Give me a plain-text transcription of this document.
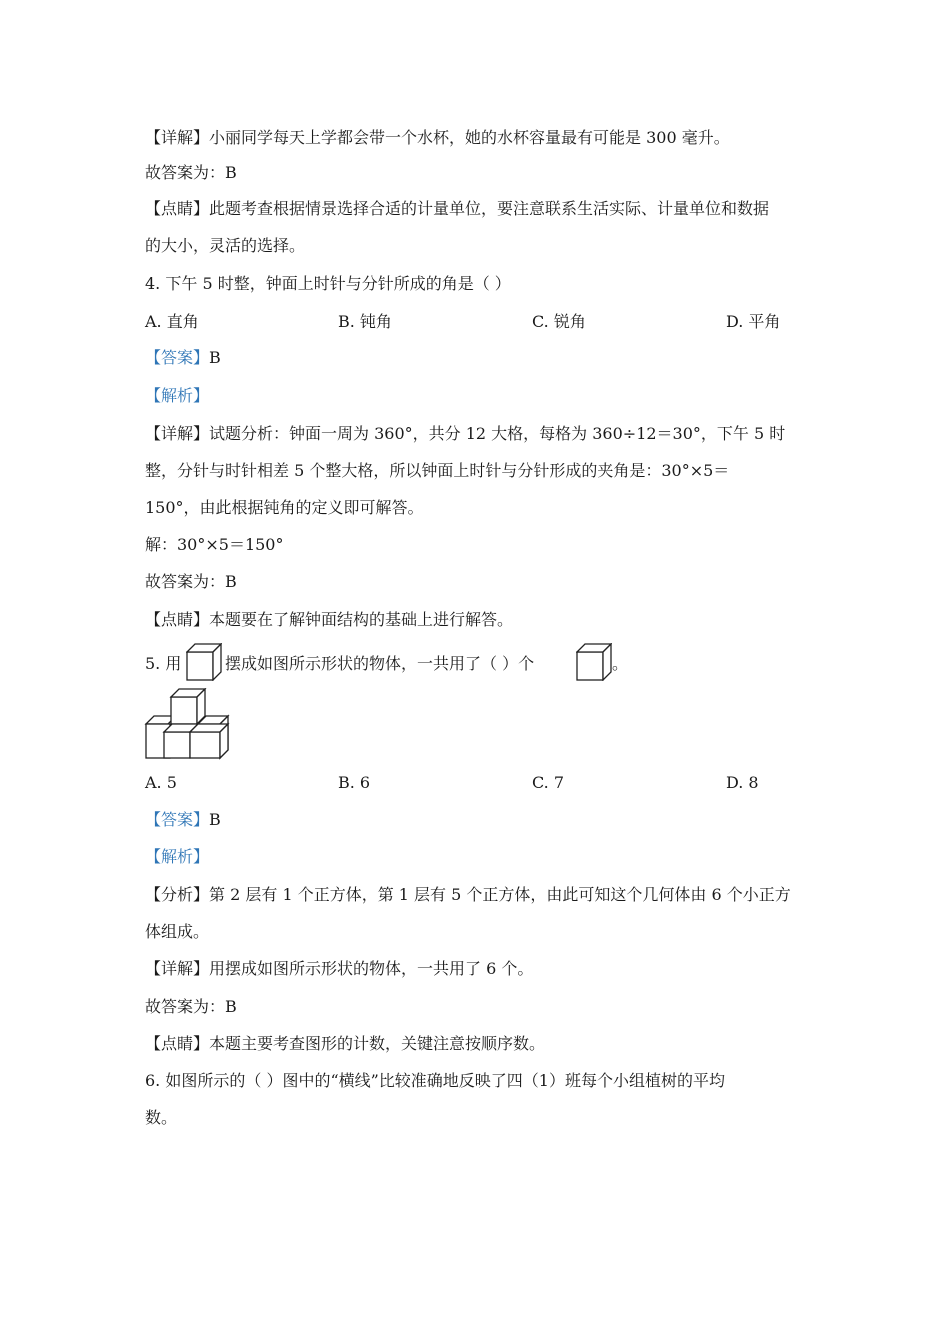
【详解】小丽同学每天上学都会带一个水杯，她的水杯容量最有可能是 300 毫升。
故答案为：B
【点睛】此题考查根据情景选择合适的计量单位，要注意联系生活实际、计量单位和数据
的大小，灵活的选择。
4. 下午 5 时整，钟面上时针与分针所成的角是（ ）
A. 直角	B. 钝角	C. 锐角	D. 平角
【答案】B
【解析】
【详解】试题分析：钟面一周为 360°，共分 12 大格，每格为 360÷12＝30°，下午 5 时
整，分针与时针相差 5 个整大格，所以钟面上时针与分针形成的夹角是：30°×5＝
150°，由此根据钝角的定义即可解答。
解：30°×5＝150°
故答案为：B
【点睛】本题要在了解钟面结构的基础上进行解答。
5. 用	摆成如图所示形状的物体，一共用了（ ）个	。
A. 5	B. 6	C. 7	D. 8
【答案】B
【解析】
【分析】第 2 层有 1 个正方体，第 1 层有 5 个正方体，由此可知这个几何体由 6 个小正方
体组成。
【详解】用摆成如图所示形状的物体，一共用了 6 个。
故答案为：B
【点睛】本题主要考查图形的计数，关键注意按顺序数。
6. 如图所示的（ ）图中的“横线”比较准确地反映了四（1）班每个小组植树的平均
数。
